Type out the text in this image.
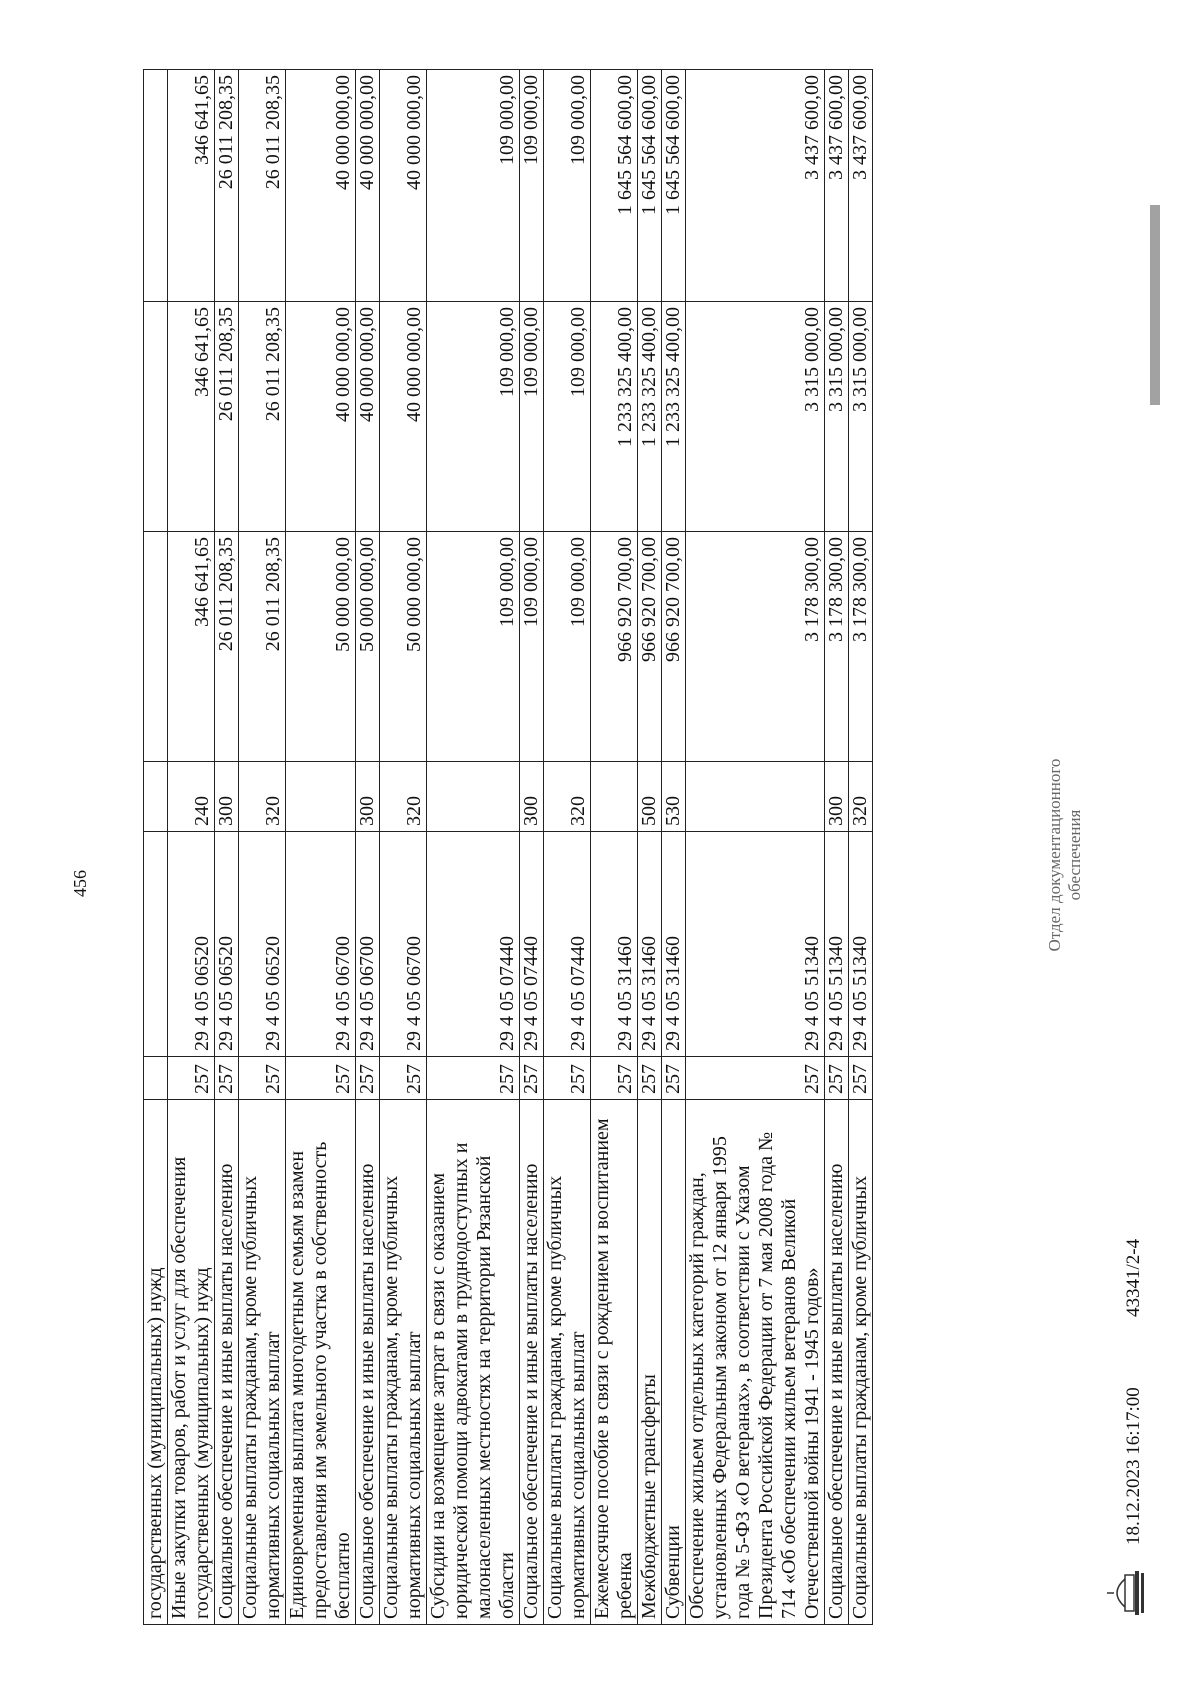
456
государственных (муниципальных) нужд						
Иные закупки товаров, работ и услуг для обеспечения государственных (муниципальных) нужд	257	29 4 05 06520	240	346 641,65	346 641,65	346 641,65
Социальное обеспечение и иные выплаты населению	257	29 4 05 06520	300	26 011 208,35	26 011 208,35	26 011 208,35
Социальные выплаты гражданам, кроме публичных нормативных социальных выплат	257	29 4 05 06520	320	26 011 208,35	26 011 208,35	26 011 208,35
Единовременная выплата многодетным семьям взамен предоставления им земельного участка в собственность бесплатно	257	29 4 05 06700		50 000 000,00	40 000 000,00	40 000 000,00
Социальное обеспечение и иные выплаты населению	257	29 4 05 06700	300	50 000 000,00	40 000 000,00	40 000 000,00
Социальные выплаты гражданам, кроме публичных нормативных социальных выплат	257	29 4 05 06700	320	50 000 000,00	40 000 000,00	40 000 000,00
Субсидии на возмещение затрат в связи с оказанием юридической помощи адвокатами в труднодоступных и малонаселенных местностях на территории Рязанской области	257	29 4 05 07440		109 000,00	109 000,00	109 000,00
Социальное обеспечение и иные выплаты населению	257	29 4 05 07440	300	109 000,00	109 000,00	109 000,00
Социальные выплаты гражданам, кроме публичных нормативных социальных выплат	257	29 4 05 07440	320	109 000,00	109 000,00	109 000,00
Ежемесячное пособие в связи с рождением и воспитанием ребенка	257	29 4 05 31460		966 920 700,00	1 233 325 400,00	1 645 564 600,00
Межбюджетные трансферты	257	29 4 05 31460	500	966 920 700,00	1 233 325 400,00	1 645 564 600,00
Субвенции	257	29 4 05 31460	530	966 920 700,00	1 233 325 400,00	1 645 564 600,00
Обеспечение жильем отдельных категорий граждан, установленных Федеральным законом от 12 января 1995 года № 5-ФЗ «О ветеранах», в соответствии с Указом Президента Российской Федерации от 7 мая 2008 года № 714 «Об обеспечении жильем ветеранов Великой Отечественной войны 1941 - 1945 годов»	257	29 4 05 51340		3 178 300,00	3 315 000,00	3 437 600,00
Социальное обеспечение и иные выплаты населению	257	29 4 05 51340	300	3 178 300,00	3 315 000,00	3 437 600,00
Социальные выплаты гражданам, кроме публичных	257	29 4 05 51340	320	3 178 300,00	3 315 000,00	3 437 600,00
18.12.2023 16:17:00
43341/2-4
Отдел документационного обеспечения
